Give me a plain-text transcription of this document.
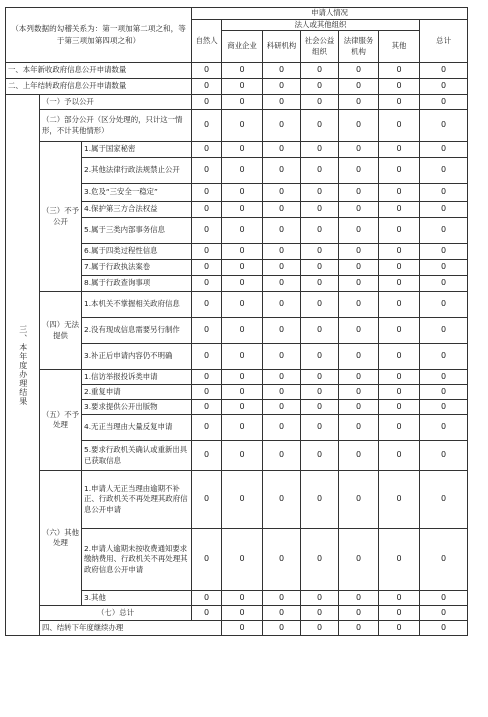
（本列数据的勾稽关系为：第一项加第二项之和，等于第三项加第四项之和）			申请人情况							
			自然人	法人或其他组织					总计	
				商业企业	科研机构	社会公益组织	法律服务机构	其他		
一、本年新收政府信息公开申请数量			0	0	0	0	0	0	0	
二、上年结转政府信息公开申请数量			0	0	0	0	0	0	0	

三、本年度办理结果	（一）予以公开		0	0	0	0	0	0	0	
	（二）部分公开（区分处理的，只计这一情形，不计其他情形）		0	0	0	0	0	0	0	
	（三）不予公开	1.属于国家秘密	0	0	0	0	0	0	0	
		2.其他法律行政法规禁止公开	0	0	0	0	0	0	0	
		3.危及“三安全一稳定”	0	0	0	0	0	0	0	
		4.保护第三方合法权益	0	0	0	0	0	0	0	
		5.属于三类内部事务信息	0	0	0	0	0	0	0	
		6.属于四类过程性信息	0	0	0	0	0	0	0	
		7.属于行政执法案卷	0	0	0	0	0	0	0	
		8.属于行政查询事项	0	0	0	0	0	0	0	
	（四）无法提供	1.本机关不掌握相关政府信息	0	0	0	0	0	0	0	
		2.没有现成信息需要另行制作	0	0	0	0	0	0	0	
		3.补正后申请内容仍不明确	0	0	0	0	0	0	0	
	（五）不予处理	1.信访举报投诉类申请	0	0	0	0	0	0	0	
		2.重复申请	0	0	0	0	0	0	0	
		3.要求提供公开出版物	0	0	0	0	0	0	0	
		4.无正当理由大量反复申请	0	0	0	0	0	0	0	
		5.要求行政机关确认或重新出具已获取信息	0	0	0	0	0	0	0	
	（六）其他处理	1.申请人无正当理由逾期不补正、行政机关不再处理其政府信息公开申请	0	0	0	0	0	0	0	
		2.申请人逾期未按收费通知要求缴纳费用、行政机关不再处理其政府信息公开申请	0	0	0	0	0	0	0	
		3.其他	0	0	0	0	0	0	0	
	（七）总计		0	0	0	0	0	0	0	
	四、结转下年度继续办理			0	0	0	0	0	0	
